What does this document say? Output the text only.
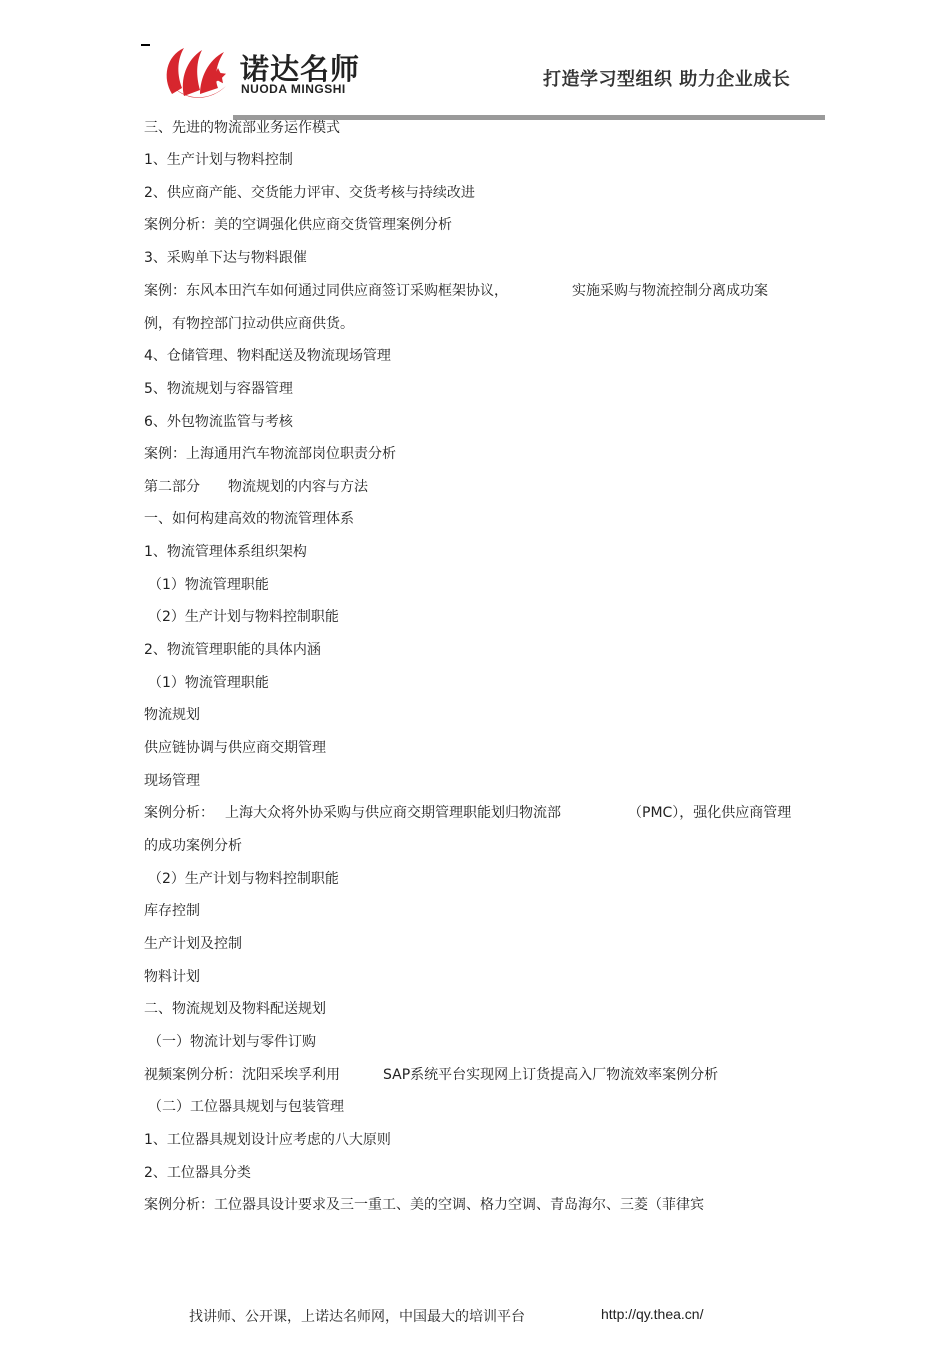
诺达名师
NUODA MINGSHI	打造学习型组织 助力企业成长
三、先进的物流部业务运作模式
1、生产计划与物料控制
2、供应商产能、交货能力评审、交货考核与持续改进
案例分析：美的空调强化供应商交货管理案例分析
3、采购单下达与物料跟催
案例：东风本田汽车如何通过同供应商签订采购框架协议，	实施采购与物流控制分离成功案
例，有物控部门拉动供应商供货。
4、仓储管理、物料配送及物流现场管理
5、物流规划与容器管理
6、外包物流监管与考核
案例：上海通用汽车物流部岗位职责分析
第二部分 物流规划的内容与方法
一、如何构建高效的物流管理体系
1、物流管理体系组织架构
（1）物流管理职能
（2）生产计划与物料控制职能
2、物流管理职能的具体内涵
（1）物流管理职能
物流规划
供应链协调与供应商交期管理
现场管理
案例分析： 上海大众将外协采购与供应商交期管理职能划归物流部	（PMC），强化供应商管理
的成功案例分析
（2）生产计划与物料控制职能
库存控制
生产计划及控制
物料计划
二、物流规划及物料配送规划
（一）物流计划与零件订购
视频案例分析：沈阳采埃孚利用	SAP系统平台实现网上订货提高入厂物流效率案例分析
（二）工位器具规划与包装管理
1、工位器具规划设计应考虑的八大原则
2、工位器具分类
案例分析：工位器具设计要求及三一重工、美的空调、格力空调、青岛海尔、三菱（菲律宾
找讲师、公开课，上诺达名师网，中国最大的培训平台	http://qy.thea.cn/
